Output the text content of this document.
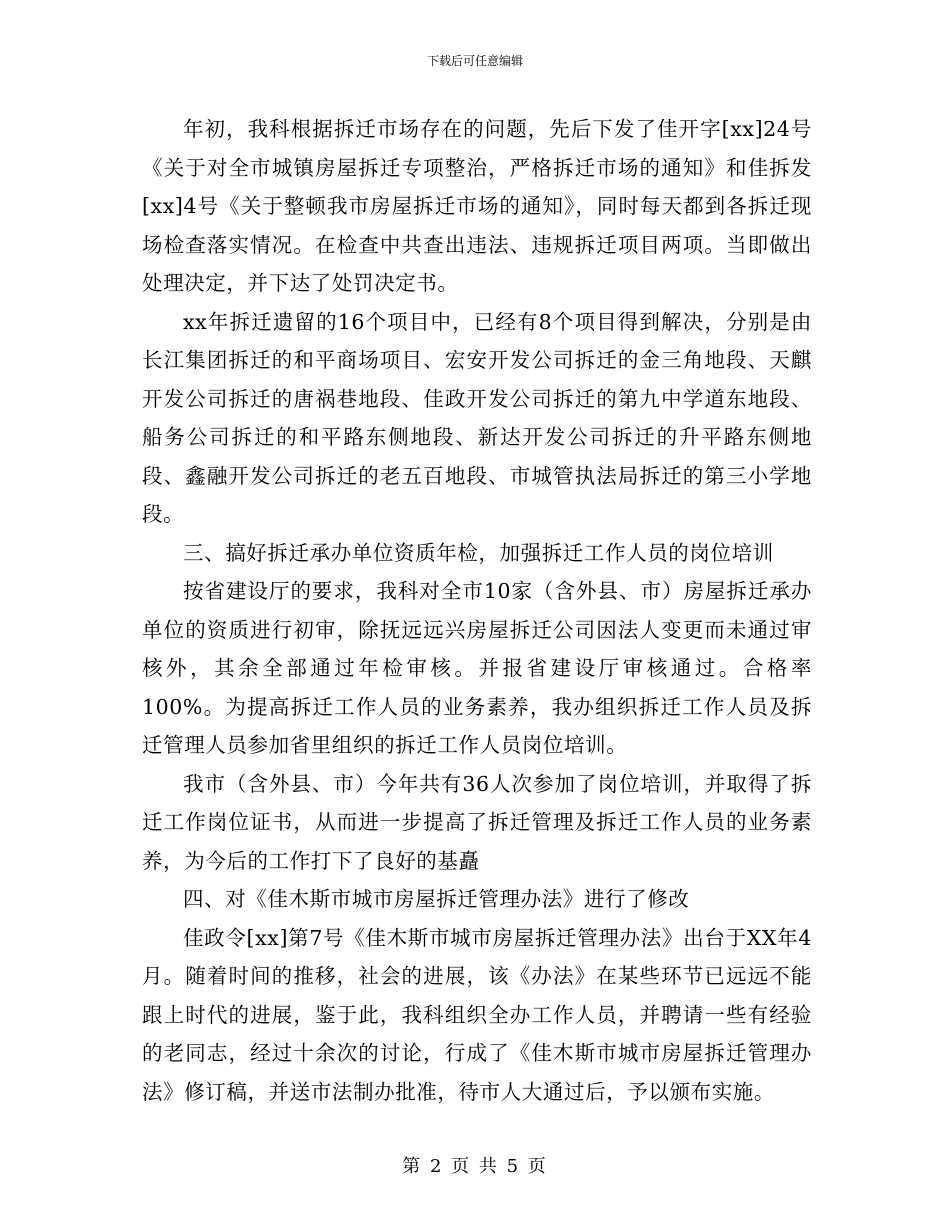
下载后可任意编辑

年初，我科根据拆迁市场存在的问题，先后下发了佳开字[xx]24号《关于对全市城镇房屋拆迁专项整治，严格拆迁市场的通知》和佳拆发[xx]4号《关于整顿我市房屋拆迁市场的通知》，同时每天都到各拆迁现场检查落实情况。在检查中共查出违法、违规拆迁项目两项。当即做出处理决定，并下达了处罚决定书。

xx年拆迁遗留的16个项目中，已经有8个项目得到解决，分别是由长江集团拆迁的和平商场项目、宏安开发公司拆迁的金三角地段、天麒开发公司拆迁的唐祸巷地段、佳政开发公司拆迁的第九中学道东地段、船务公司拆迁的和平路东侧地段、新达开发公司拆迁的升平路东侧地段、鑫融开发公司拆迁的老五百地段、市城管执法局拆迁的第三小学地段。

三、搞好拆迁承办单位资质年检，加强拆迁工作人员的岗位培训

按省建设厅的要求，我科对全市10家（含外县、市）房屋拆迁承办单位的资质进行初审，除抚远远兴房屋拆迁公司因法人变更而未通过审核外，其余全部通过年检审核。并报省建设厅审核通过。合格率100%。为提高拆迁工作人员的业务素养，我办组织拆迁工作人员及拆迁管理人员参加省里组织的拆迁工作人员岗位培训。

我市（含外县、市）今年共有36人次参加了岗位培训，并取得了拆迁工作岗位证书，从而进一步提高了拆迁管理及拆迁工作人员的业务素养，为今后的工作打下了良好的基矗

四、对《佳木斯市城市房屋拆迁管理办法》进行了修改

佳政令[xx]第7号《佳木斯市城市房屋拆迁管理办法》出台于XX年4月。随着时间的推移，社会的进展，该《办法》在某些环节已远远不能跟上时代的进展，鉴于此，我科组织全办工作人员，并聘请一些有经验的老同志，经过十余次的讨论，行成了《佳木斯市城市房屋拆迁管理办法》修订稿，并送市法制办批准，待市人大通过后，予以颁布实施。

第 2 页 共 5 页
